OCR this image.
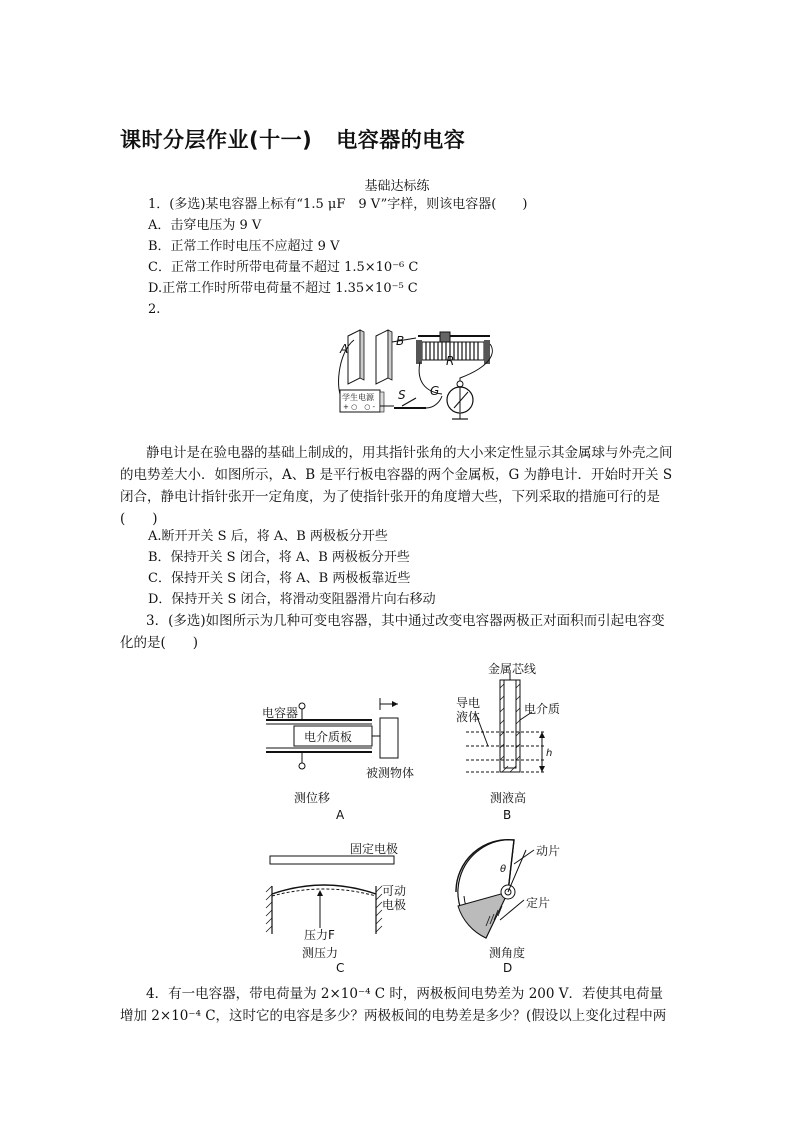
课时分层作业(十一) 电容器的电容
基础达标练
1．(多选)某电容器上标有“1.5 μF　9 V”字样，则该电容器(　　)
A．击穿电压为 9 V
B．正常工作时电压不应超过 9 V
C．正常工作时所带电荷量不超过 1.5×10⁻⁶ C
D.正常工作时所带电荷量不超过 1.35×10⁻⁵ C
2.
A
B
R
S G
学生电源
+ ○　○ -
静电计是在验电器的基础上制成的，用其指针张角的大小来定性显示其金属球与外壳之间的电势差大小．如图所示，A、B 是平行板电容器的两个金属板，G 为静电计．开始时开关 S 闭合，静电计指针张开一定角度，为了使指针张开的角度增大些，下列采取的措施可行的是(　　)
A.断开开关 S 后，将 A、B 两极板分开些
B．保持开关 S 闭合，将 A、B 两极板分开些
C．保持开关 S 闭合，将 A、B 两极板靠近些
D．保持开关 S 闭合，将滑动变阻器滑片向右移动
3．(多选)如图所示为几种可变电容器，其中通过改变电容器两极正对面积而引起电容变化的是(　　)
电容器
电介质板
被测物体
测位移
A
金属芯线
导电
液体
电介质
h
测液高
B
固定电极
可动
电极
压力F
测压力
C
动片
定片
θ
测角度
D
4．有一电容器，带电荷量为 2×10⁻⁴ C 时，两极板间电势差为 200 V．若使其电荷量增加 2×10⁻⁴ C，这时它的电容是多少？两极板间的电势差是多少？(假设以上变化过程中两
